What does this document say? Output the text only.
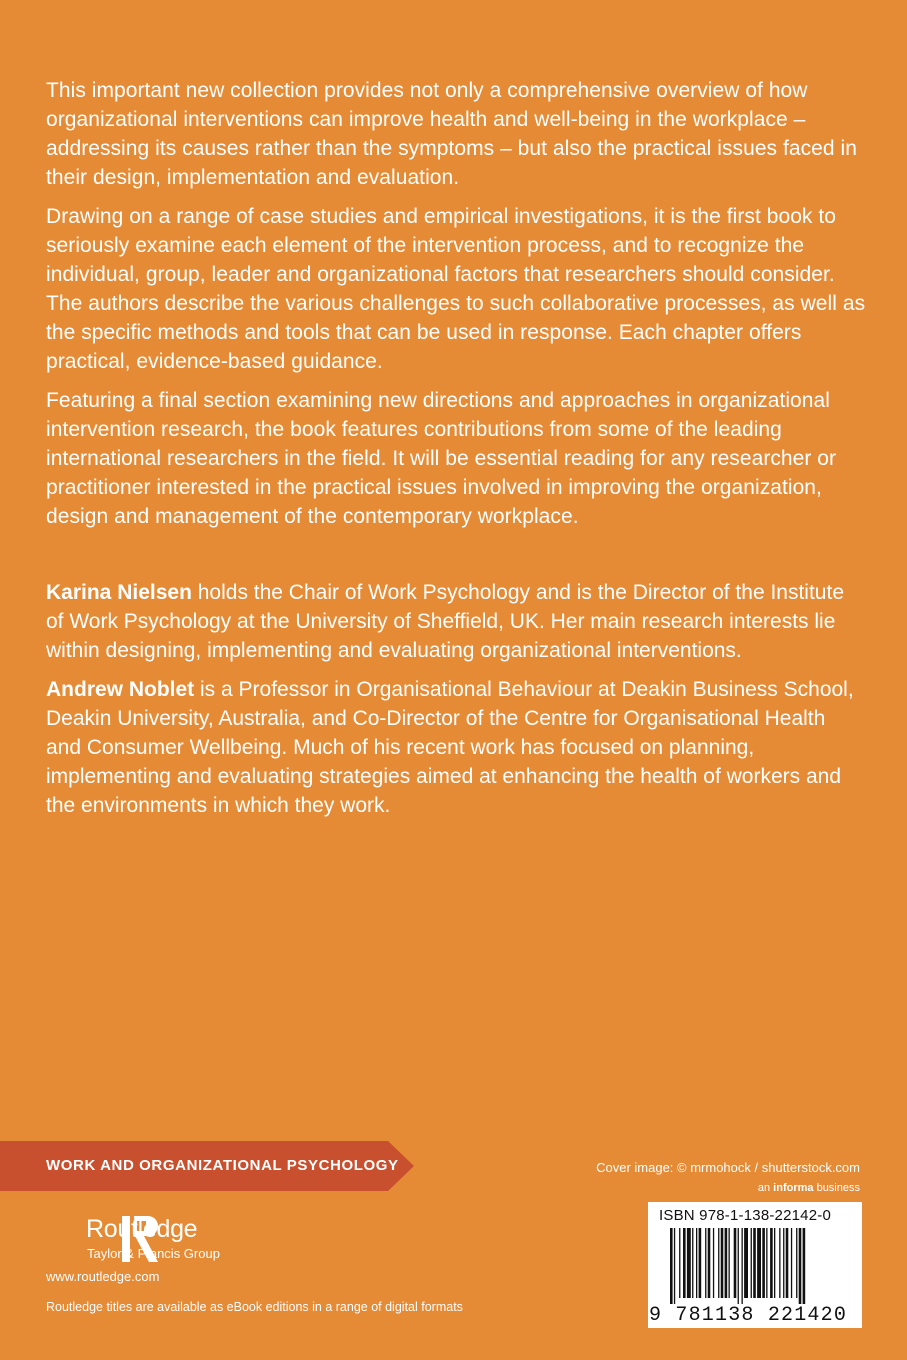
This important new collection provides not only a comprehensive overview of how organizational interventions can improve health and well-being in the workplace – addressing its causes rather than the symptoms – but also the practical issues faced in their design, implementation and evaluation.

Drawing on a range of case studies and empirical investigations, it is the first book to seriously examine each element of the intervention process, and to recognize the individual, group, leader and organizational factors that researchers should consider. The authors describe the various challenges to such collaborative processes, as well as the specific methods and tools that can be used in response. Each chapter offers practical, evidence-based guidance.

Featuring a final section examining new directions and approaches in organizational intervention research, the book features contributions from some of the leading international researchers in the field. It will be essential reading for any researcher or practitioner interested in the practical issues involved in improving the organization, design and management of the contemporary workplace.

Karina Nielsen holds the Chair of Work Psychology and is the Director of the Institute of Work Psychology at the University of Sheffield, UK. Her main research interests lie within designing, implementing and evaluating organizational interventions.

Andrew Noblet is a Professor in Organisational Behaviour at Deakin Business School, Deakin University, Australia, and Co-Director of the Centre for Organisational Health and Consumer Wellbeing. Much of his recent work has focused on planning, implementing and evaluating strategies aimed at enhancing the health of workers and the environments in which they work.

WORK AND ORGANIZATIONAL PSYCHOLOGY
Routledge
Taylor & Francis Group
www.routledge.com
Routledge titles are available as eBook editions in a range of digital formats
Cover image: © mrmohock / shutterstock.com
an informa business
ISBN 978-1-138-22142-0
9 781138 221420
